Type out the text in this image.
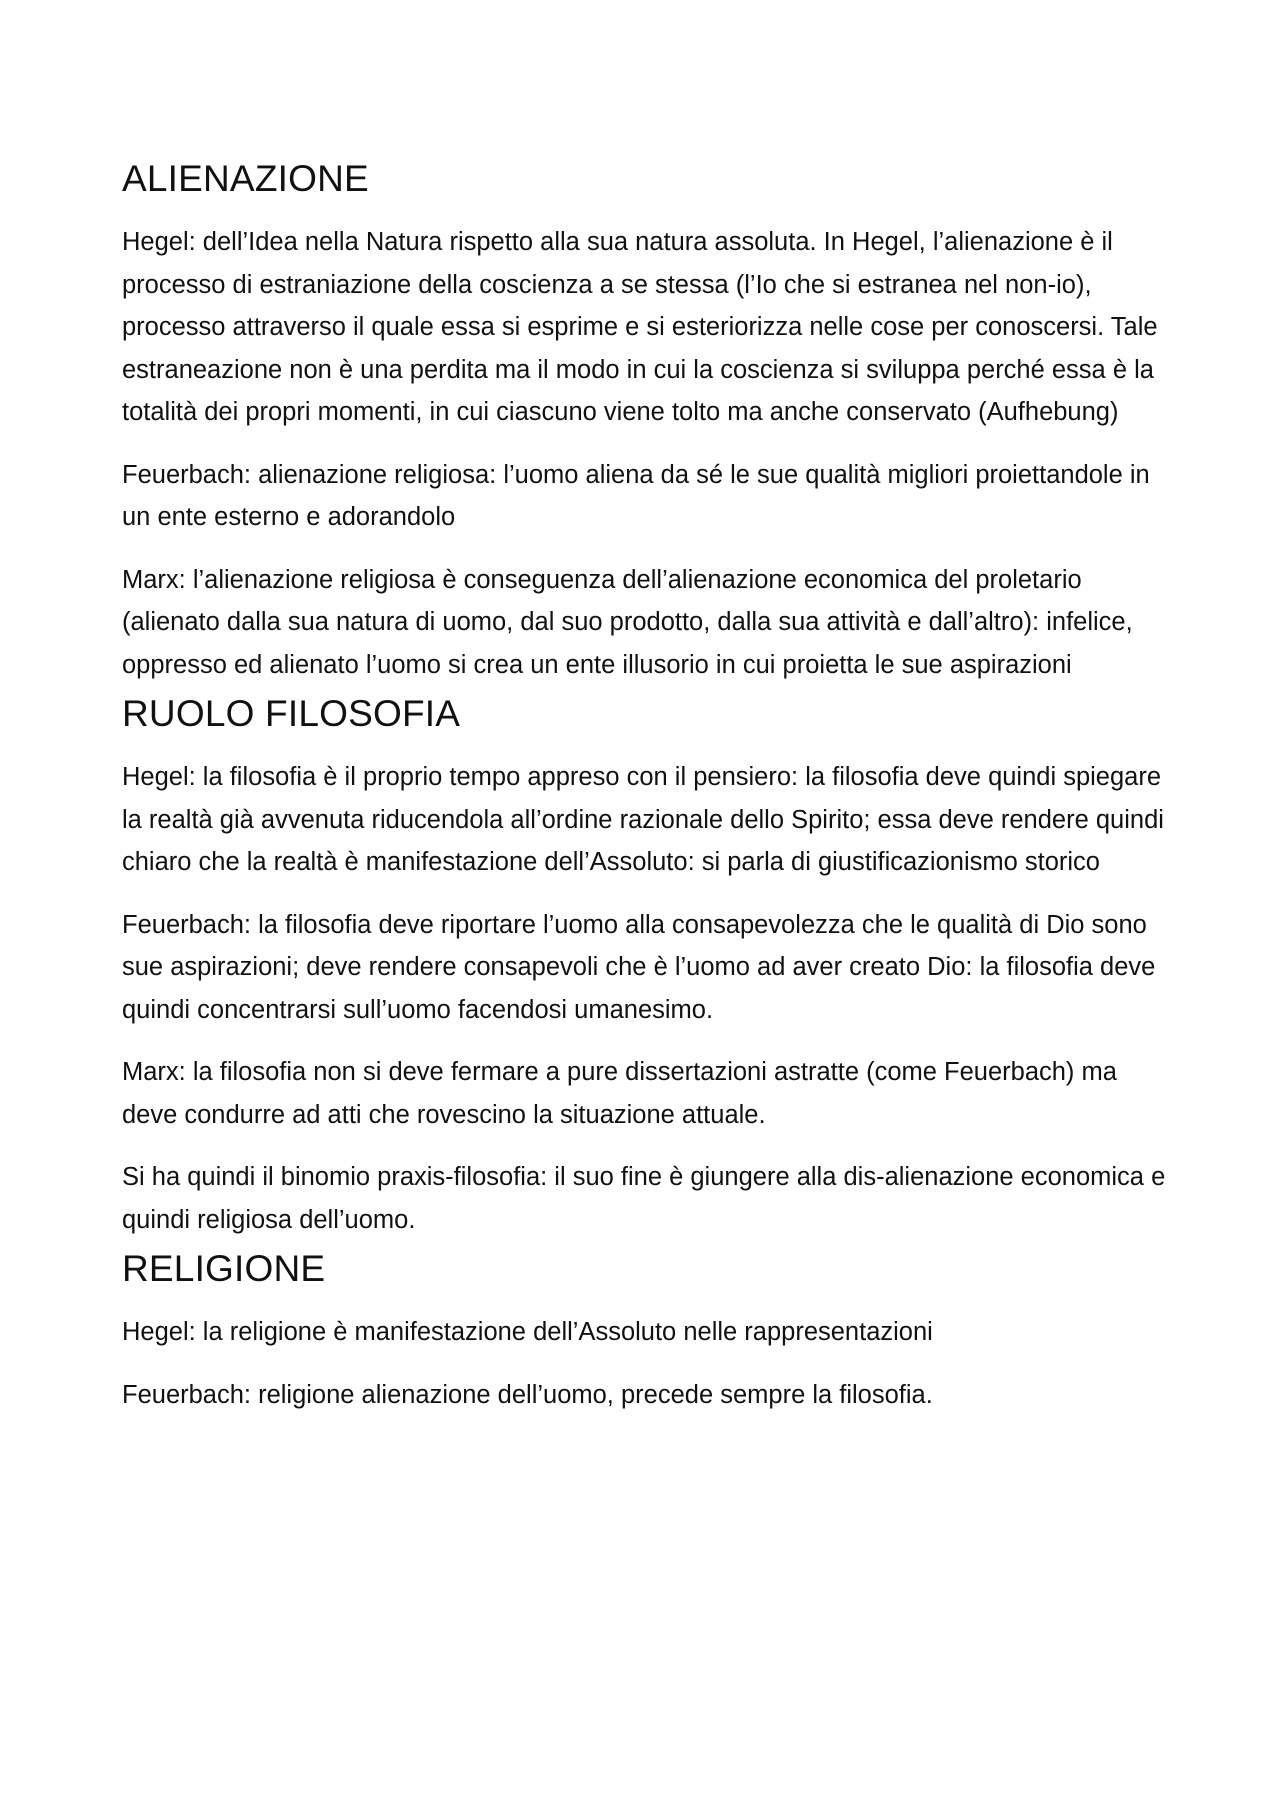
ALIENAZIONE

Hegel: dell’Idea nella Natura rispetto alla sua natura assoluta. In Hegel, l’alienazione è il processo di estraniazione della coscienza a se stessa (l’Io che si estranea nel non-io), processo attraverso il quale essa si esprime e si esteriorizza nelle cose per conoscersi. Tale estraneazione non è una perdita ma il modo in cui la coscienza si sviluppa perché essa è la totalità dei propri momenti, in cui ciascuno viene tolto ma anche conservato (Aufhebung)

Feuerbach: alienazione religiosa: l’uomo aliena da sé le sue qualità migliori proiettandole in un ente esterno e adorandolo

Marx: l’alienazione religiosa è conseguenza dell’alienazione economica del proletario (alienato dalla sua natura di uomo, dal suo prodotto, dalla sua attività e dall’altro): infelice, oppresso ed alienato l’uomo si crea un ente illusorio in cui proietta le sue aspirazioni

RUOLO FILOSOFIA

Hegel: la filosofia è il proprio tempo appreso con il pensiero: la filosofia deve quindi spiegare la realtà già avvenuta riducendola all’ordine razionale dello Spirito; essa deve rendere quindi chiaro che la realtà è manifestazione dell’Assoluto: si parla di giustificazionismo storico

Feuerbach: la filosofia deve riportare l’uomo alla consapevolezza che le qualità di Dio sono sue aspirazioni; deve rendere consapevoli che è l’uomo ad aver creato Dio: la filosofia deve quindi concentrarsi sull’uomo facendosi umanesimo.

Marx: la filosofia non si deve fermare a pure dissertazioni astratte (come Feuerbach) ma deve condurre ad atti che rovescino la situazione attuale.

Si ha quindi il binomio praxis-filosofia: il suo fine è giungere alla dis-alienazione economica e quindi religiosa dell’uomo.

RELIGIONE

Hegel: la religione è manifestazione dell’Assoluto nelle rappresentazioni

Feuerbach: religione alienazione dell’uomo, precede sempre la filosofia.
